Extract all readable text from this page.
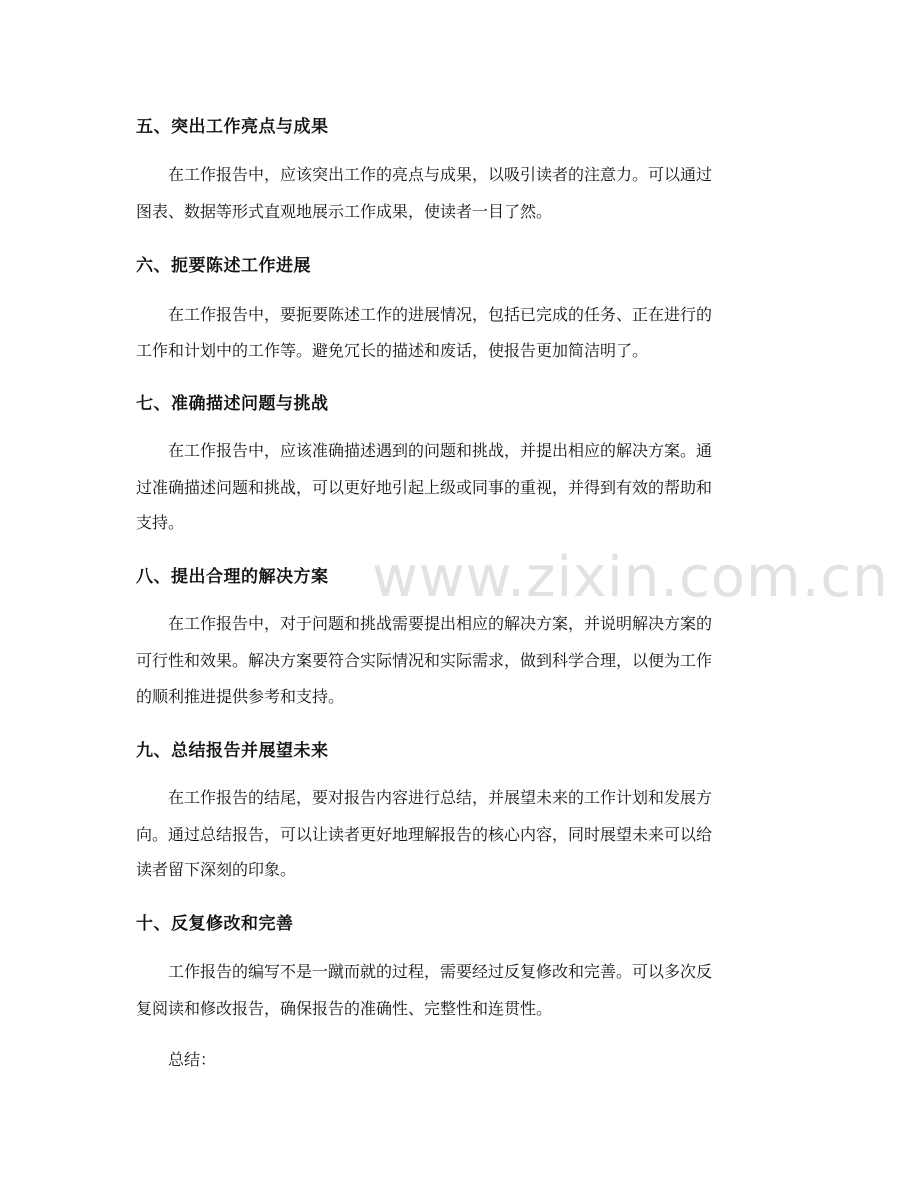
www.zixin.com.cn
五、突出工作亮点与成果
在工作报告中，应该突出工作的亮点与成果，以吸引读者的注意力。可以通过
图表、数据等形式直观地展示工作成果，使读者一目了然。
六、扼要陈述工作进展
在工作报告中，要扼要陈述工作的进展情况，包括已完成的任务、正在进行的
工作和计划中的工作等。避免冗长的描述和废话，使报告更加简洁明了。
七、准确描述问题与挑战
在工作报告中，应该准确描述遇到的问题和挑战，并提出相应的解决方案。通
过准确描述问题和挑战，可以更好地引起上级或同事的重视，并得到有效的帮助和
支持。
八、提出合理的解决方案
在工作报告中，对于问题和挑战需要提出相应的解决方案，并说明解决方案的
可行性和效果。解决方案要符合实际情况和实际需求，做到科学合理，以便为工作
的顺利推进提供参考和支持。
九、总结报告并展望未来
在工作报告的结尾，要对报告内容进行总结，并展望未来的工作计划和发展方
向。通过总结报告，可以让读者更好地理解报告的核心内容，同时展望未来可以给
读者留下深刻的印象。
十、反复修改和完善
工作报告的编写不是一蹴而就的过程，需要经过反复修改和完善。可以多次反
复阅读和修改报告，确保报告的准确性、完整性和连贯性。
总结：
